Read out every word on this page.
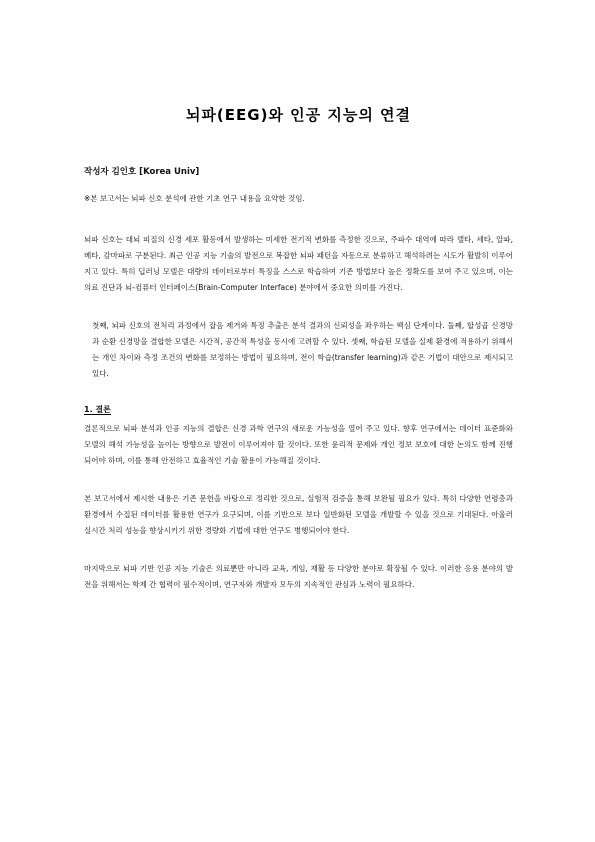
뇌파(EEG)와 인공 지능의 연결
작성자 김인호 [Korea Univ]
※본 보고서는 뇌파 신호 분석에 관한 기초 연구 내용을 요약한 것임.
뇌파 신호는 대뇌 피질의 신경 세포 활동에서 발생하는 미세한 전기적 변화를 측정한 것으로, 주파수 대역에 따라 델타, 세타, 알파, 베타, 감마파로 구분된다. 최근 인공 지능 기술의 발전으로 복잡한 뇌파 패턴을 자동으로 분류하고 해석하려는 시도가 활발히 이루어지고 있다. 특히 딥러닝 모델은 대량의 데이터로부터 특징을 스스로 학습하여 기존 방법보다 높은 정확도를 보여 주고 있으며, 이는 의료 진단과 뇌-컴퓨터 인터페이스(Brain-Computer Interface) 분야에서 중요한 의미를 가진다.
첫째, 뇌파 신호의 전처리 과정에서 잡음 제거와 특징 추출은 분석 결과의 신뢰성을 좌우하는 핵심 단계이다. 둘째, 합성곱 신경망과 순환 신경망을 결합한 모델은 시간적, 공간적 특성을 동시에 고려할 수 있다. 셋째, 학습된 모델을 실제 환경에 적용하기 위해서는 개인 차이와 측정 조건의 변화를 보정하는 방법이 필요하며, 전이 학습(transfer learning)과 같은 기법이 대안으로 제시되고 있다.
1. 결론
결론적으로 뇌파 분석과 인공 지능의 결합은 신경 과학 연구의 새로운 가능성을 열어 주고 있다. 향후 연구에서는 데이터 표준화와 모델의 해석 가능성을 높이는 방향으로 발전이 이루어져야 할 것이다. 또한 윤리적 문제와 개인 정보 보호에 대한 논의도 함께 진행되어야 하며, 이를 통해 안전하고 효율적인 기술 활용이 가능해질 것이다.
본 보고서에서 제시한 내용은 기존 문헌을 바탕으로 정리한 것으로, 실험적 검증을 통해 보완될 필요가 있다. 특히 다양한 연령층과 환경에서 수집된 데이터를 활용한 연구가 요구되며, 이를 기반으로 보다 일반화된 모델을 개발할 수 있을 것으로 기대된다. 아울러 실시간 처리 성능을 향상시키기 위한 경량화 기법에 대한 연구도 병행되어야 한다.
마지막으로 뇌파 기반 인공 지능 기술은 의료뿐만 아니라 교육, 게임, 재활 등 다양한 분야로 확장될 수 있다. 이러한 응용 분야의 발전을 위해서는 학제 간 협력이 필수적이며, 연구자와 개발자 모두의 지속적인 관심과 노력이 필요하다.
